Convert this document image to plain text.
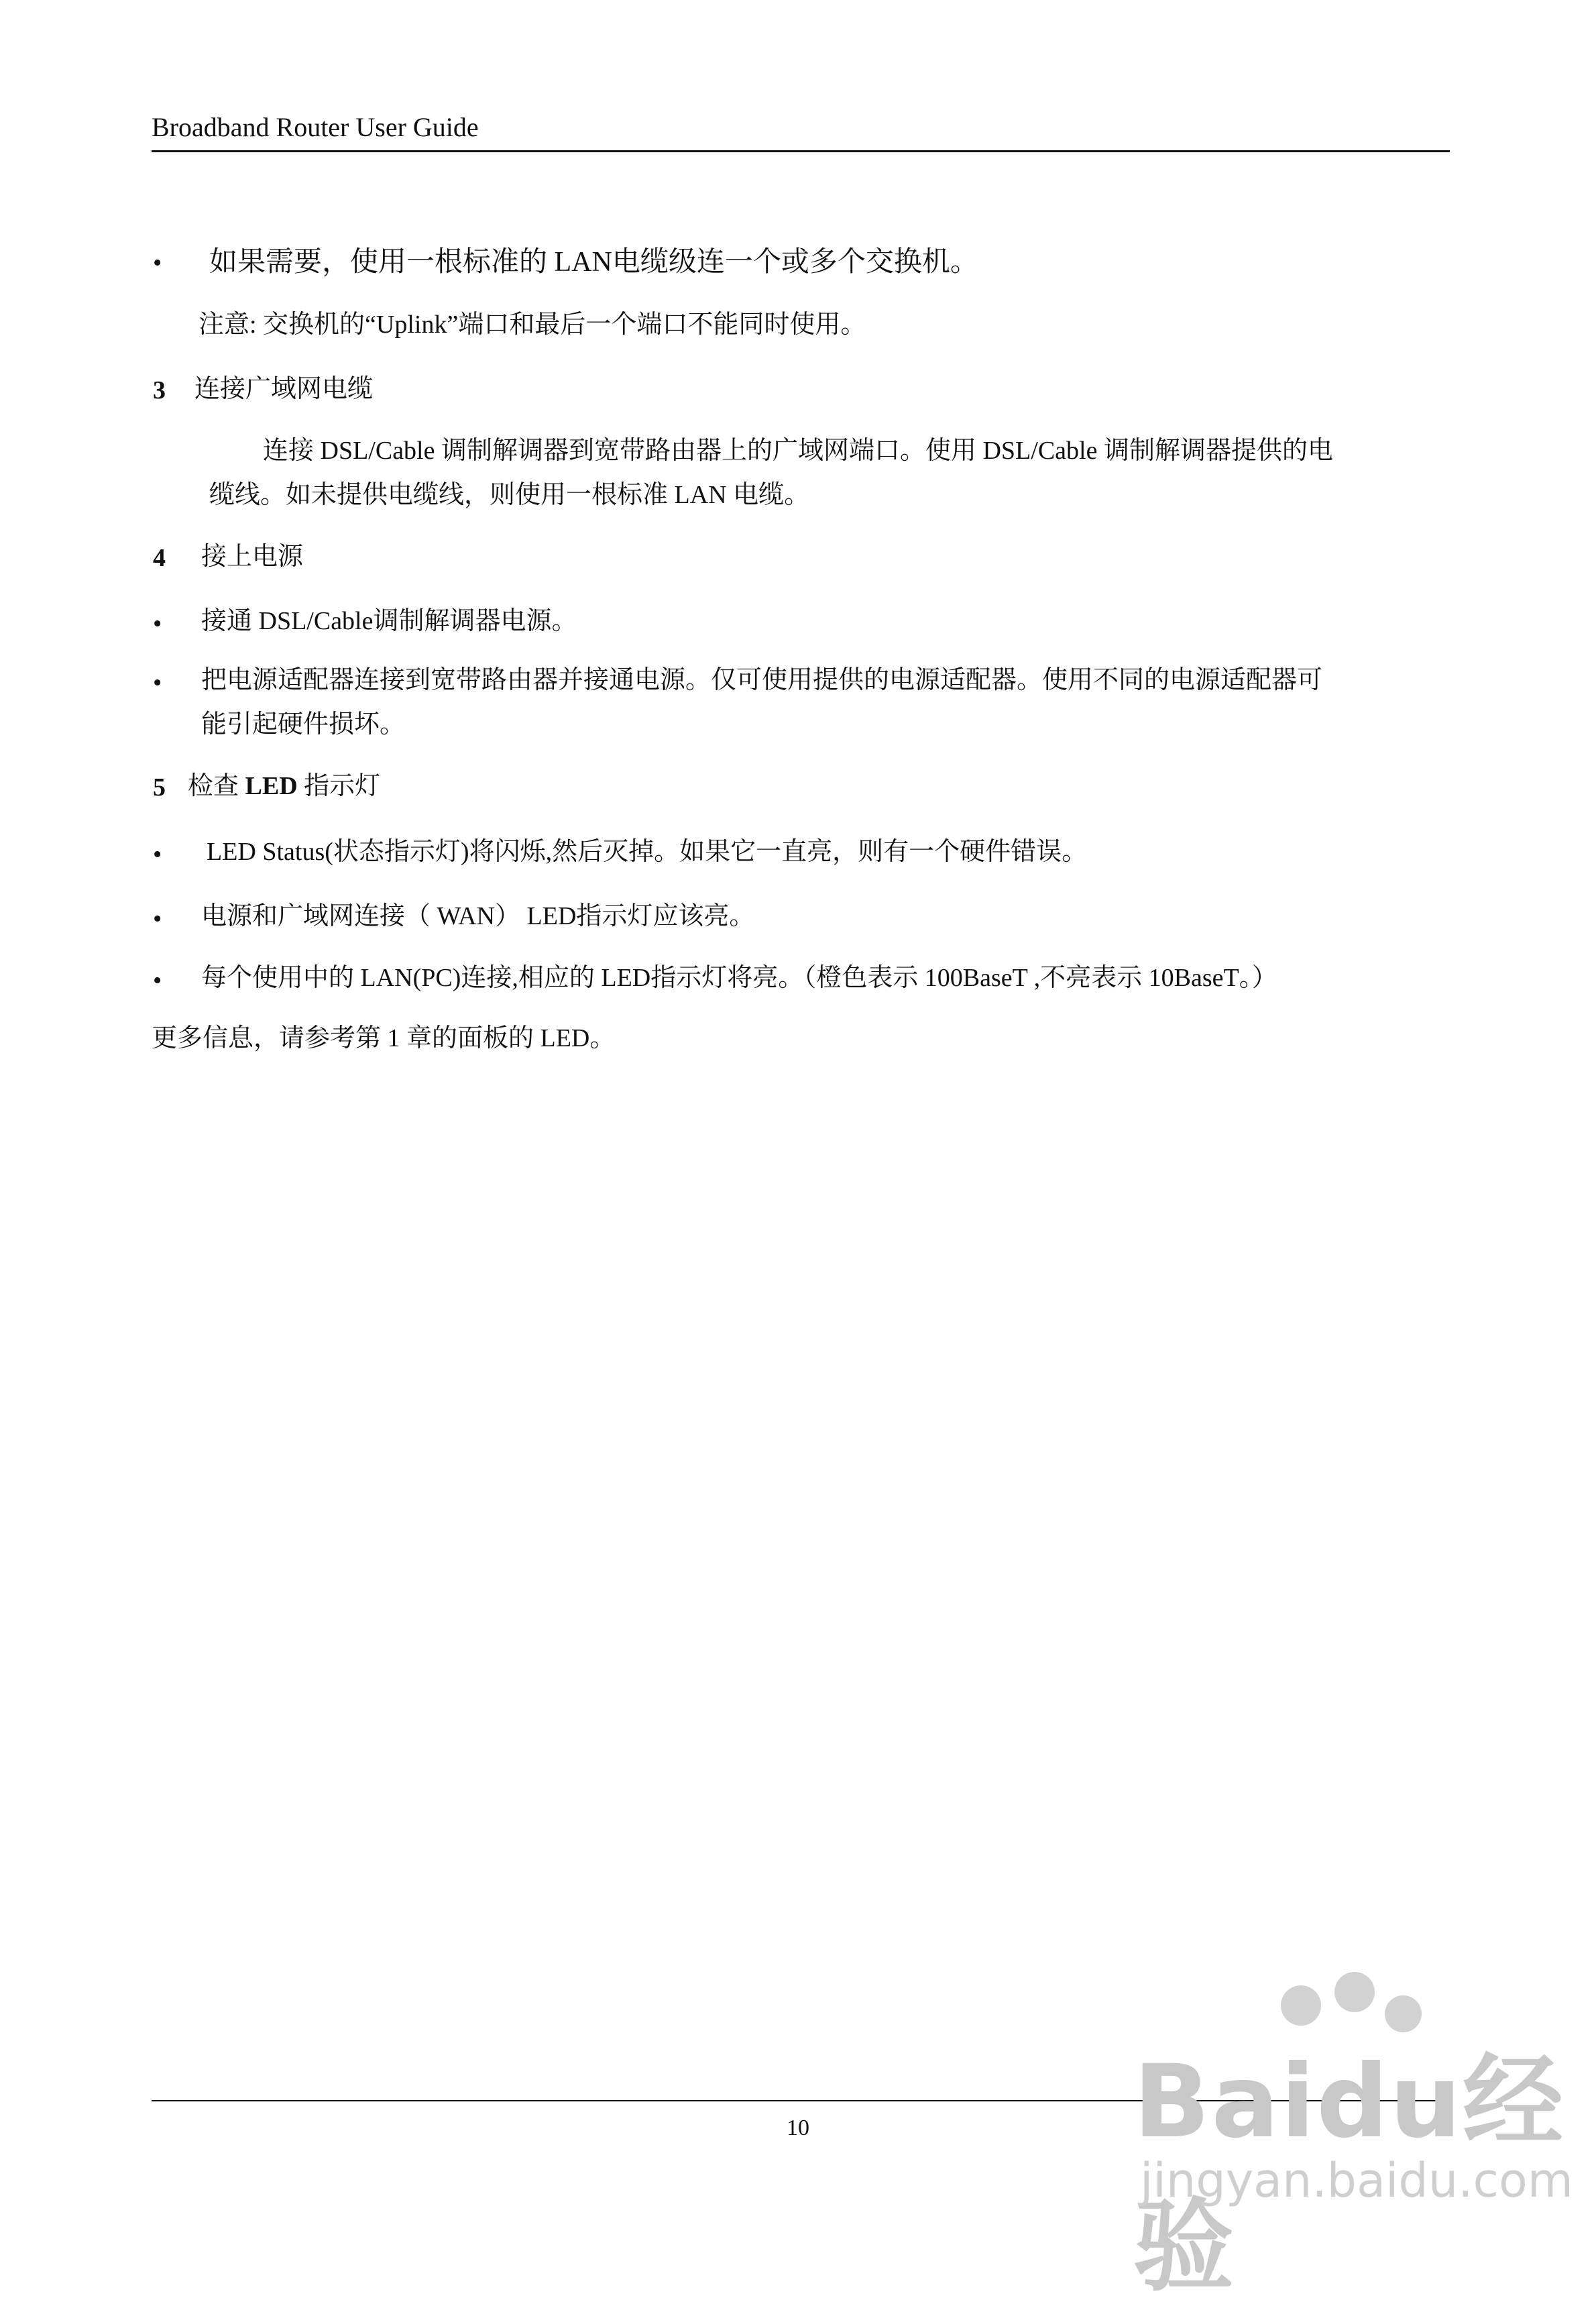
Broadband Router User Guide
• 如果需要，使用一根标准的 LAN电缆级连一个或多个交换机。
注意: 交换机的“Uplink”端口和最后一个端口不能同时使用。
3 连接广域网电缆
连接 DSL/Cable 调制解调器到宽带路由器上的广域网端口。使用 DSL/Cable 调制解调器提供的电
缆线。如未提供电缆线，则使用一根标准 LAN 电缆。
4 接上电源
• 接通 DSL/Cable调制解调器电源。
• 把电源适配器连接到宽带路由器并接通电源。仅可使用提供的电源适配器。使用不同的电源适配器可
能引起硬件损坏。
5 检查 LED 指示灯
• LED Status(状态指示灯)将闪烁,然后灭掉。如果它一直亮，则有一个硬件错误。
• 电源和广域网连接（ WAN） LED指示灯应该亮。
• 每个使用中的 LAN(PC)连接,相应的 LED指示灯将亮。（橙色表示 100BaseT ,不亮表示 10BaseT。）
更多信息，请参考第 1 章的面板的 LED。
10	Baidu经验
jingyan.baidu.com
